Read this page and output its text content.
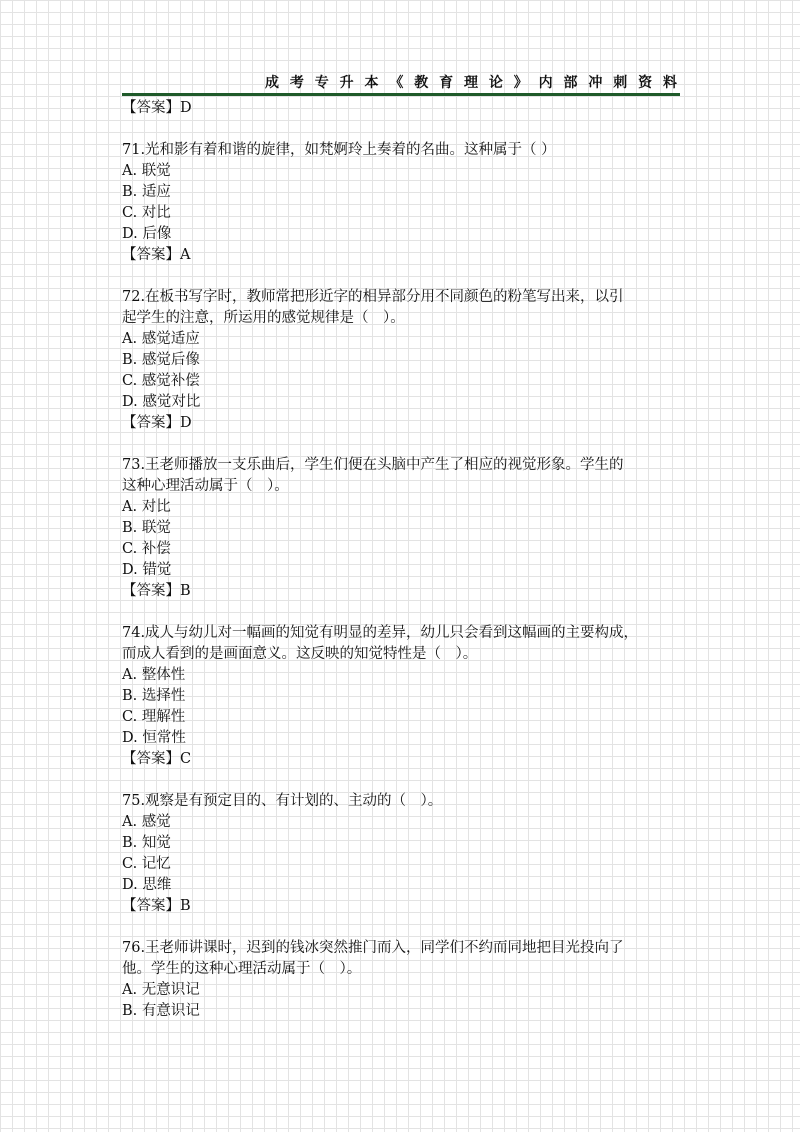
成 考 专 升 本 《 教 育 理 论 》 内 部 冲 刺 资 料
【答案】D
71.光和影有着和谐的旋律，如梵婀玲上奏着的名曲。这种属于（ ）
A. 联觉
B. 适应
C. 对比
D. 后像
【答案】A
72.在板书写字时，教师常把形近字的相异部分用不同颜色的粉笔写出来，以引
起学生的注意，所运用的感觉规律是（　）。
A. 感觉适应
B. 感觉后像
C. 感觉补偿
D. 感觉对比
【答案】D
73.王老师播放一支乐曲后，学生们便在头脑中产生了相应的视觉形象。学生的
这种心理活动属于（　）。
A. 对比
B. 联觉
C. 补偿
D. 错觉
【答案】B
74.成人与幼儿对一幅画的知觉有明显的差异，幼儿只会看到这幅画的主要构成，
而成人看到的是画面意义。这反映的知觉特性是（　）。
A. 整体性
B. 选择性
C. 理解性
D. 恒常性
【答案】C
75.观察是有预定目的、有计划的、主动的（　）。
A. 感觉
B. 知觉
C. 记忆
D. 思维
【答案】B
76.王老师讲课时，迟到的钱冰突然推门而入，同学们不约而同地把目光投向了
他。学生的这种心理活动属于（　）。
A. 无意识记
B. 有意识记
